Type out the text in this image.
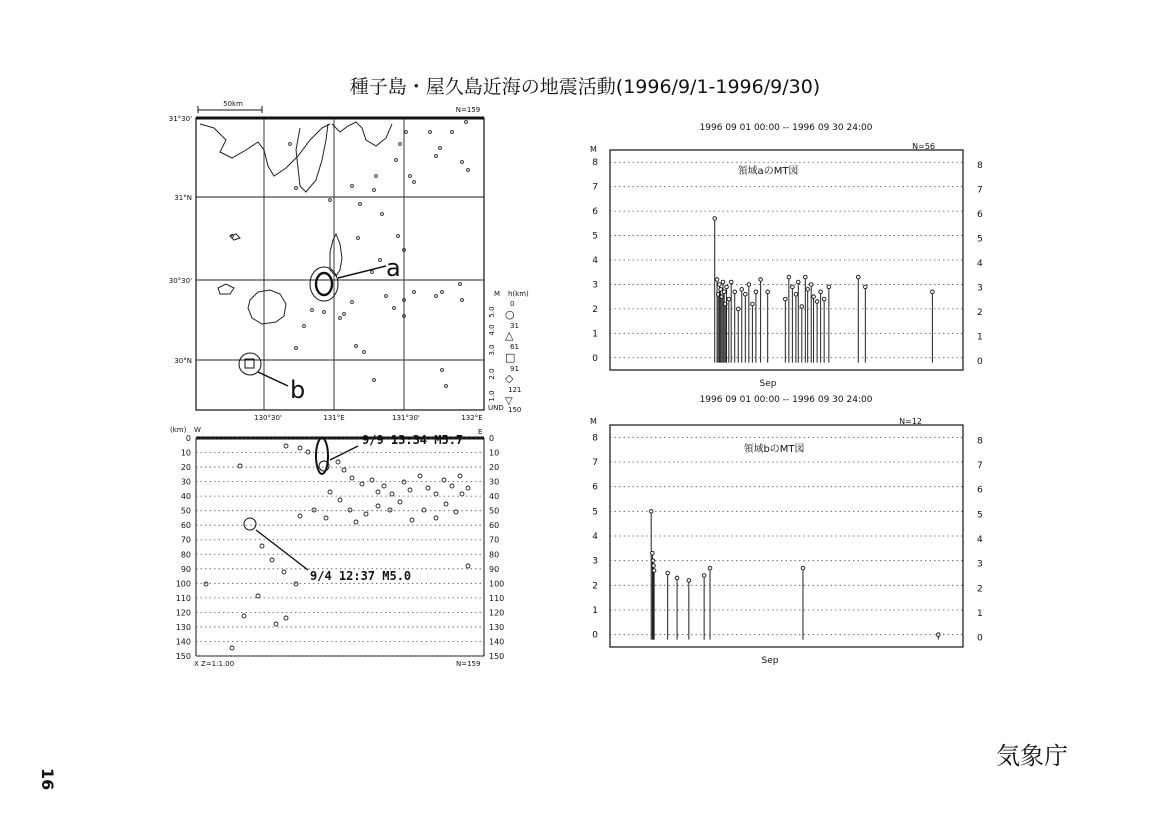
種子島・屋久島近海の地震活動(1996/9/1-1996/9/30)
50km
N=159
31°30'
31°N
30°30'
30°N
130°30'	131°E	131°30'	132°E
a
b
M h(km)
5.0
4.0
3.0
2.0
1.0
0
○
31
△
61
□
91
◇
121
UND
▽
150
0	0
10	10
20	20
30	30
40	40
50	50
60	60
70	70
80	80
90	90
100	100
110	110
120	120
130	130
140	140
150	150
(km) W	E
X Z=1:1.00	N=159
9/9 13:34 M5.7
9/4 12:37 M5.0
1996 09 01 00:00 -- 1996 09 30 24:00
M	N=56
領域aのMT図
Sep
0	0
1	1
2	2
3	3
4	4
5	5
6	6
7	7
8	8
1996 09 01 00:00 -- 1996 09 30 24:00
M	N=12
領域bのMT図
Sep
0	0
1	1
2	2
3	3
4	4
5	5
6	6
7	7
8	8
16
気象庁
